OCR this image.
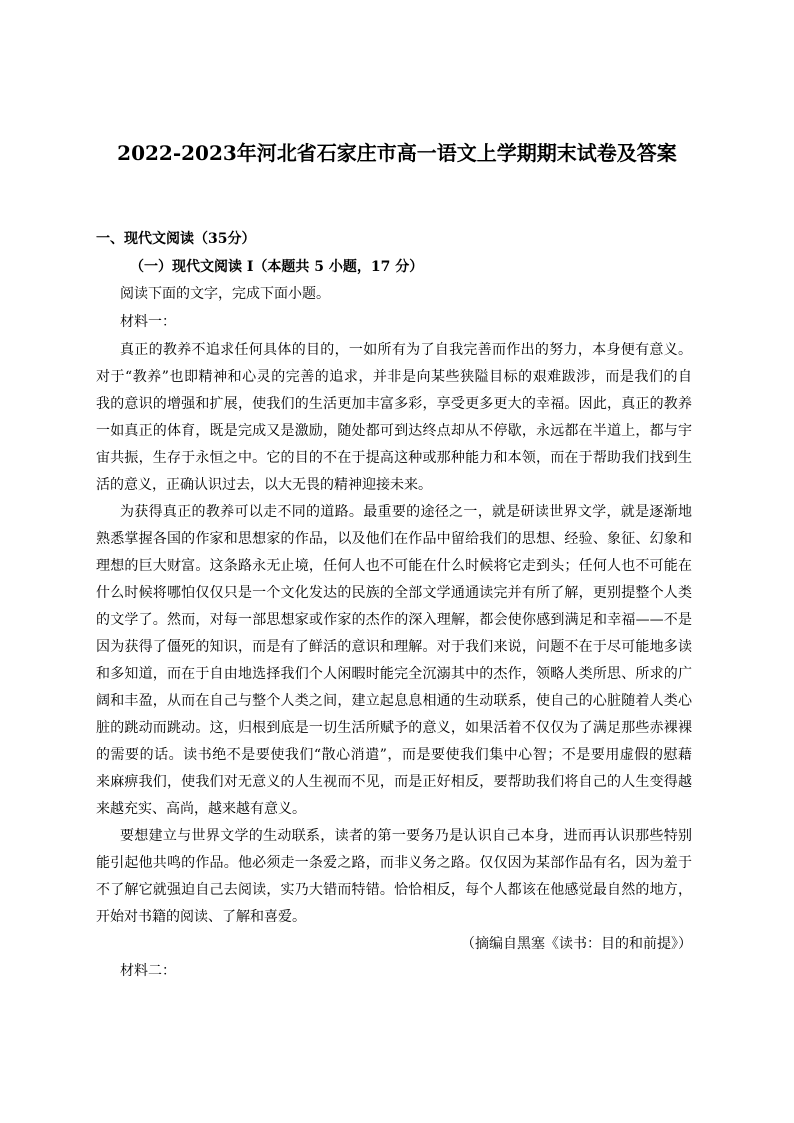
2022-2023年河北省石家庄市高一语文上学期期末试卷及答案
一、现代文阅读（35分）
（一）现代文阅读 I（本题共 5 小题，17 分）
阅读下面的文字，完成下面小题。
材料一：
真正的教养不追求任何具体的目的，一如所有为了自我完善而作出的努力，本身便有意义。
对于“教养”也即精神和心灵的完善的追求，并非是向某些狭隘目标的艰难跋涉，而是我们的自
我的意识的增强和扩展，使我们的生活更加丰富多彩，享受更多更大的幸福。因此，真正的教养
一如真正的体育，既是完成又是激励，随处都可到达终点却从不停歇，永远都在半道上，都与宇
宙共振，生存于永恒之中。它的目的不在于提高这种或那种能力和本领，而在于帮助我们找到生
活的意义，正确认识过去，以大无畏的精神迎接未来。
为获得真正的教养可以走不同的道路。最重要的途径之一，就是研读世界文学，就是逐渐地
熟悉掌握各国的作家和思想家的作品，以及他们在作品中留给我们的思想、经验、象征、幻象和
理想的巨大财富。这条路永无止境，任何人也不可能在什么时候将它走到头；任何人也不可能在
什么时候将哪怕仅仅只是一个文化发达的民族的全部文学通通读完并有所了解，更别提整个人类
的文学了。然而，对每一部思想家或作家的杰作的深入理解，都会使你感到满足和幸福——不是
因为获得了僵死的知识，而是有了鲜活的意识和理解。对于我们来说，问题不在于尽可能地多读
和多知道，而在于自由地选择我们个人闲暇时能完全沉溺其中的杰作，领略人类所思、所求的广
阔和丰盈，从而在自己与整个人类之间，建立起息息相通的生动联系，使自己的心脏随着人类心
脏的跳动而跳动。这，归根到底是一切生活所赋予的意义，如果活着不仅仅为了满足那些赤裸裸
的需要的话。读书绝不是要使我们“散心消遣”，而是要使我们集中心智；不是要用虚假的慰藉
来麻痹我们，使我们对无意义的人生视而不见，而是正好相反，要帮助我们将自己的人生变得越
来越充实、高尚，越来越有意义。
要想建立与世界文学的生动联系，读者的第一要务乃是认识自己本身，进而再认识那些特别
能引起他共鸣的作品。他必须走一条爱之路，而非义务之路。仅仅因为某部作品有名，因为羞于
不了解它就强迫自己去阅读，实乃大错而特错。恰恰相反，每个人都该在他感觉最自然的地方，
开始对书籍的阅读、了解和喜爱。
（摘编自黑塞《读书：目的和前提》）
材料二：
